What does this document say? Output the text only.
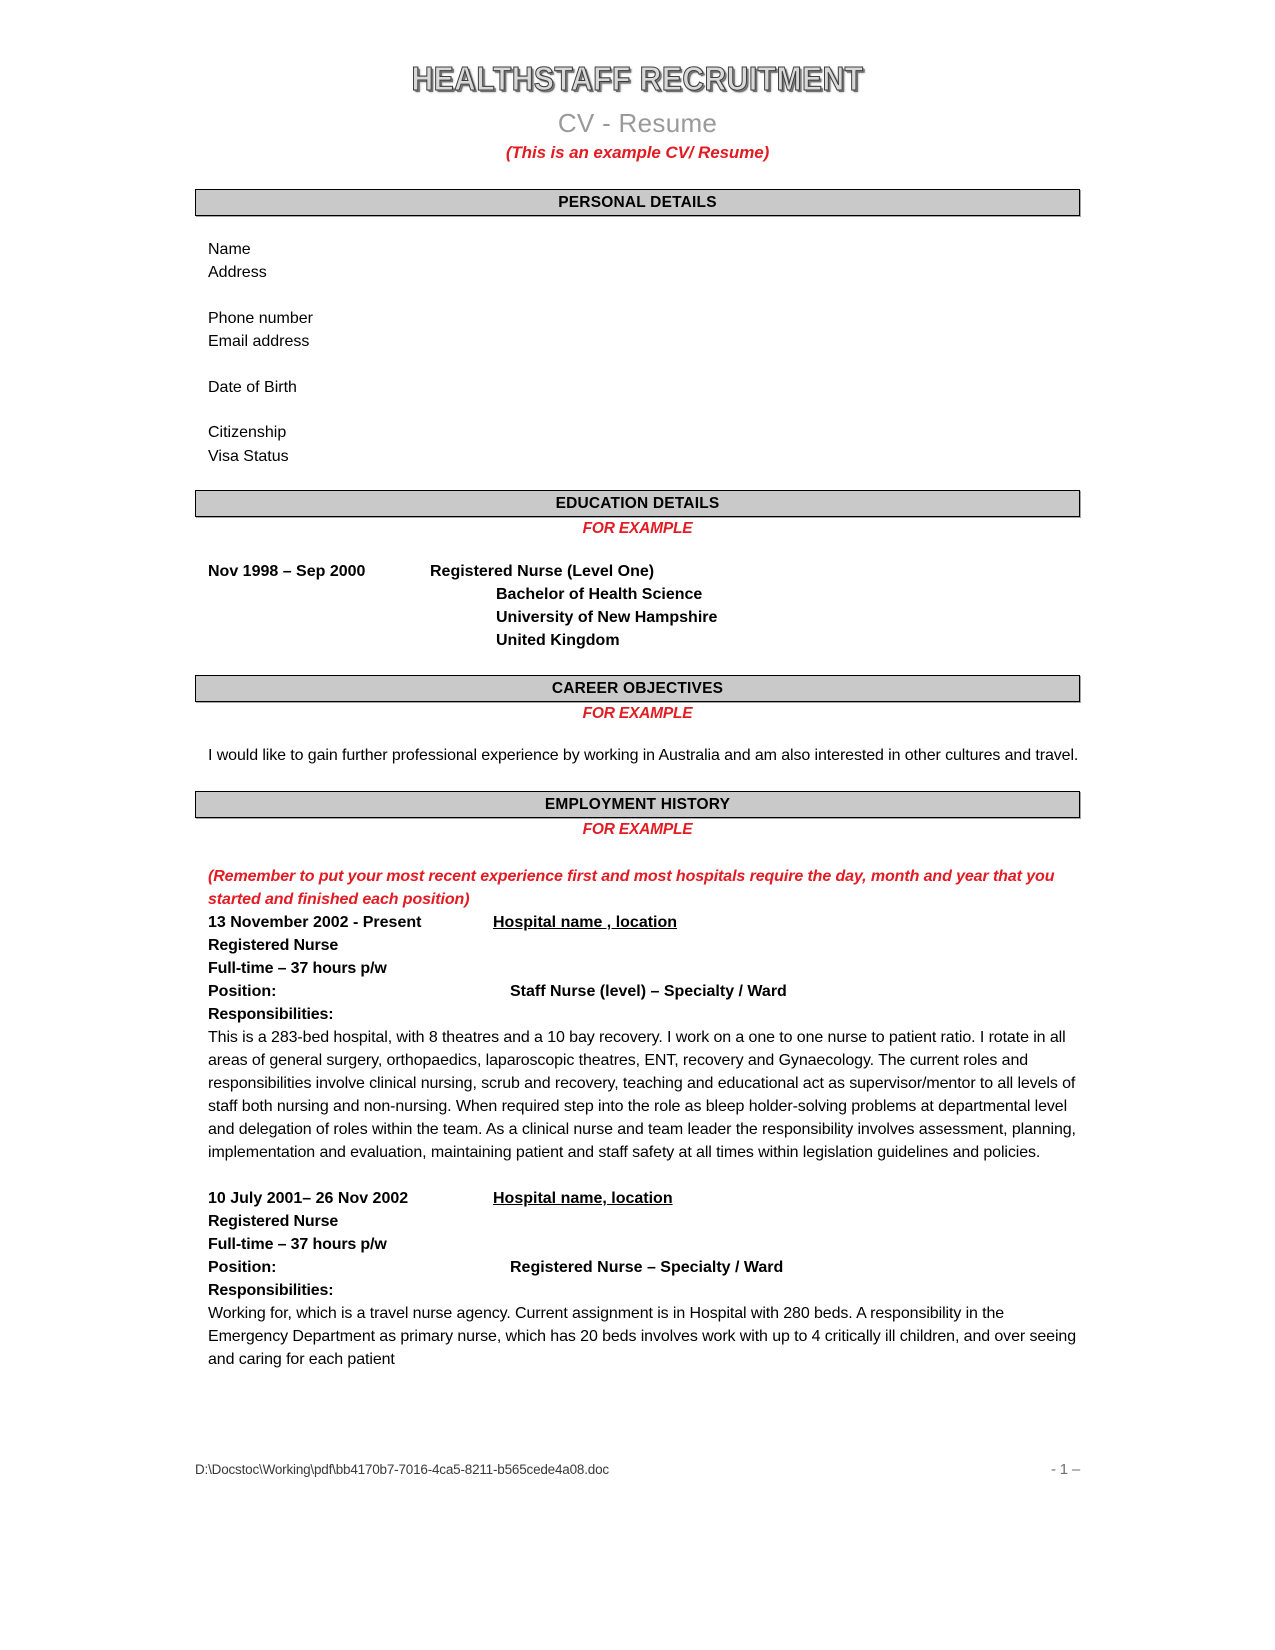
HEALTHSTAFF RECRUITMENT
CV - Resume
(This is an example CV/ Resume)
PERSONAL DETAILS
Name
Address
Phone number
Email address
Date of Birth
Citizenship
Visa Status
EDUCATION DETAILS
FOR EXAMPLE
Nov 1998 – Sep 2000	Registered Nurse (Level One)
Bachelor of Health Science
University of New Hampshire
United Kingdom
CAREER OBJECTIVES
FOR EXAMPLE
I would like to gain further professional experience by working in Australia and am also interested in other cultures and travel.
EMPLOYMENT HISTORY
FOR EXAMPLE
(Remember to put your most recent experience first and most hospitals require the day, month and year that you started and finished each position)
13 November 2002 - Present	Hospital name , location
Registered Nurse
Full-time – 37 hours p/w
Position:	Staff Nurse (level) – Specialty / Ward
Responsibilities:
This is a 283-bed hospital, with 8 theatres and a 10 bay recovery. I work on a one to one nurse to patient ratio. I rotate in all areas of general surgery, orthopaedics, laparoscopic theatres, ENT, recovery and Gynaecology. The current roles and responsibilities involve clinical nursing, scrub and recovery, teaching and educational act as supervisor/mentor to all levels of staff both nursing and non-nursing. When required step into the role as bleep holder-solving problems at departmental level and delegation of roles within the team. As a clinical nurse and team leader the responsibility involves assessment, planning, implementation and evaluation, maintaining patient and staff safety at all times within legislation guidelines and policies.
10 July 2001– 26 Nov 2002	Hospital name, location
Registered Nurse
Full-time – 37 hours p/w
Position:	Registered Nurse – Specialty / Ward
Responsibilities:
Working for, which is a travel nurse agency. Current assignment is in Hospital with 280 beds. A responsibility in the Emergency Department as primary nurse, which has 20 beds involves work with up to 4 critically ill children, and over seeing and caring for each patient
D:\Docstoc\Working\pdf\bb4170b7-7016-4ca5-8211-b565cede4a08.doc	- 1 –
